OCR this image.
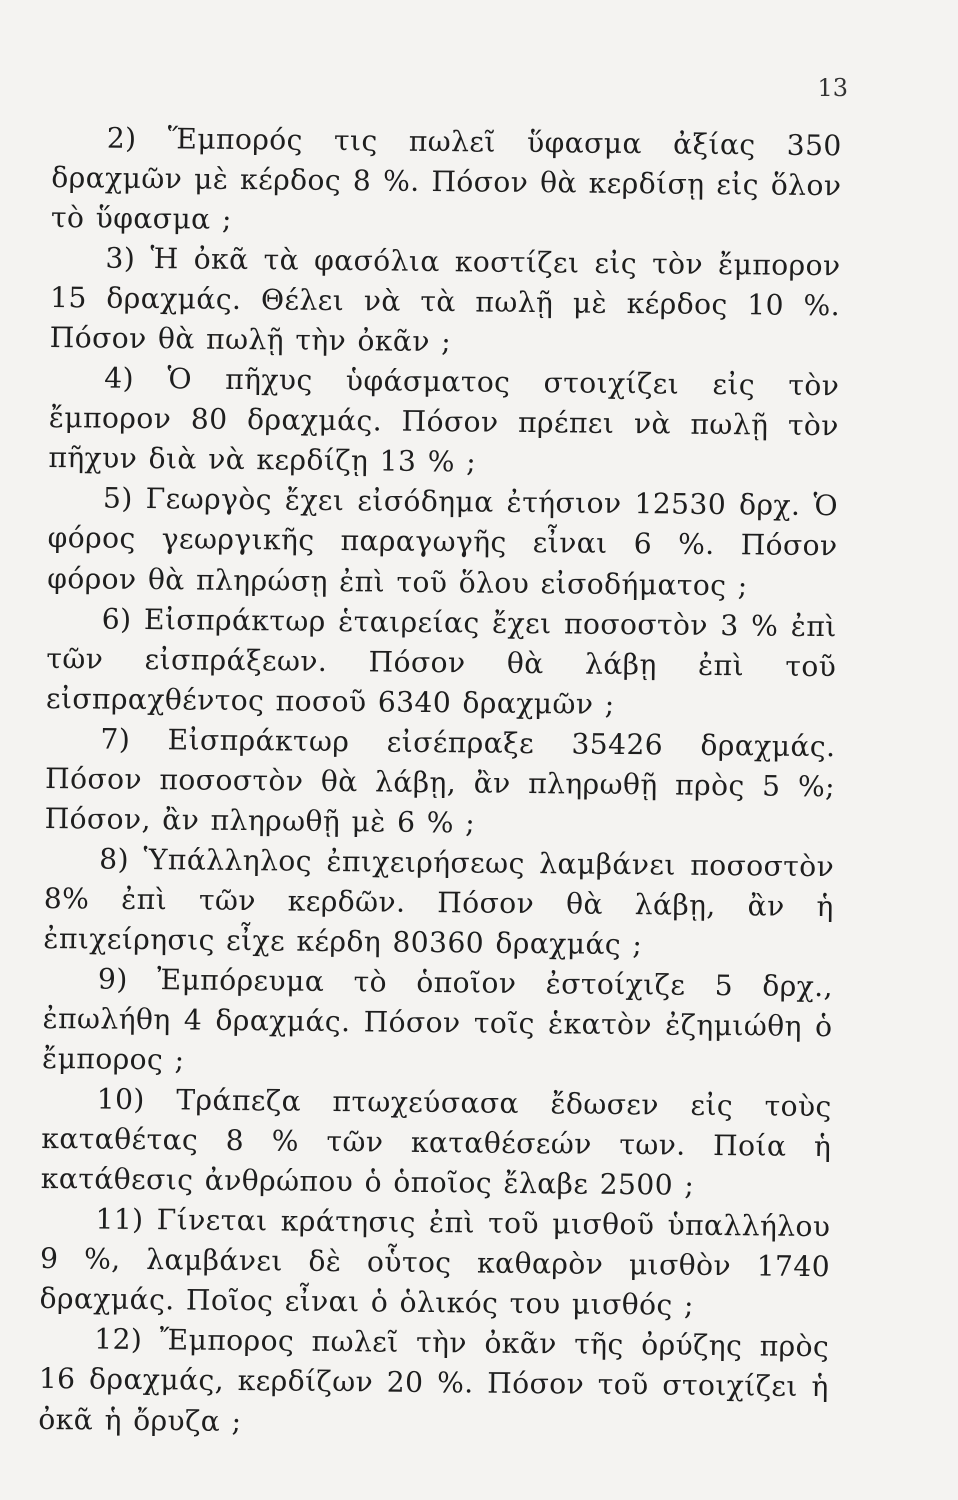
13

2) Ἕμπορός τις πωλεῖ ὕφασμα ἀξίας 350 δραχμῶν μὲ κέρδος 8 %. Πόσον θὰ κερδίσῃ εἰς ὅλον τὸ ὕφασμα ;

3) Ἡ ὀκᾶ τὰ φασόλια κοστίζει εἰς τὸν ἔμπορον 15 δραχμάς. Θέλει νὰ τὰ πωλῇ μὲ κέρδος 10 %. Πόσον θὰ πωλῇ τὴν ὀκᾶν ;

4) Ὁ πῆχυς ὑφάσματος στοιχίζει εἰς τὸν ἔμπορον 80 δραχμάς. Πόσον πρέπει νὰ πωλῇ τὸν πῆχυν διὰ νὰ κερδίζῃ 13 % ;

5) Γεωργὸς ἔχει εἰσόδημα ἐτήσιον 12530 δρχ. Ὁ φόρος γεωργικῆς παραγωγῆς εἶναι 6 %. Πόσον φόρον θὰ πληρώσῃ ἐπὶ τοῦ ὅλου εἰσοδήματος ;

6) Εἰσπράκτωρ ἑταιρείας ἔχει ποσοστὸν 3 % ἐπὶ τῶν εἰσπράξεων. Πόσον θὰ λάβῃ ἐπὶ τοῦ εἰσπραχθέντος ποσοῦ 6340 δραχμῶν ;

7) Εἰσπράκτωρ εἰσέπραξε 35426 δραχμάς. Πόσον ποσοστὸν θὰ λάβῃ, ἂν πληρωθῇ πρὸς 5 %; Πόσον, ἂν πληρωθῇ μὲ 6 % ;

8) Ὑπάλληλος ἐπιχειρήσεως λαμβάνει ποσοστὸν 8% ἐπὶ τῶν κερδῶν. Πόσον θὰ λάβῃ, ἂν ἡ ἐπιχείρησις εἶχε κέρδη 80360 δραχμάς ;

9) Ἐμπόρευμα τὸ ὁποῖον ἐστοίχιζε 5 δρχ., ἐπωλήθη 4 δραχμάς. Πόσον τοῖς ἑκατὸν ἐζημιώθη ὁ ἔμπορος ;

10) Τράπεζα πτωχεύσασα ἔδωσεν εἰς τοὺς καταθέτας 8 % τῶν καταθέσεών των. Ποία ἡ κατάθεσις ἀνθρώπου ὁ ὁποῖος ἔλαβε 2500 ;

11) Γίνεται κράτησις ἐπὶ τοῦ μισθοῦ ὑπαλλήλου 9 %, λαμβάνει δὲ οὗτος καθαρὸν μισθὸν 1740 δραχμάς. Ποῖος εἶναι ὁ ὁλικός του μισθός ;

12) Ἔμπορος πωλεῖ τὴν ὀκᾶν τῆς ὀρύζης πρὸς 16 δραχμάς, κερδίζων 20 %. Πόσον τοῦ στοιχίζει ἡ ὀκᾶ ἡ ὄρυζα ;
